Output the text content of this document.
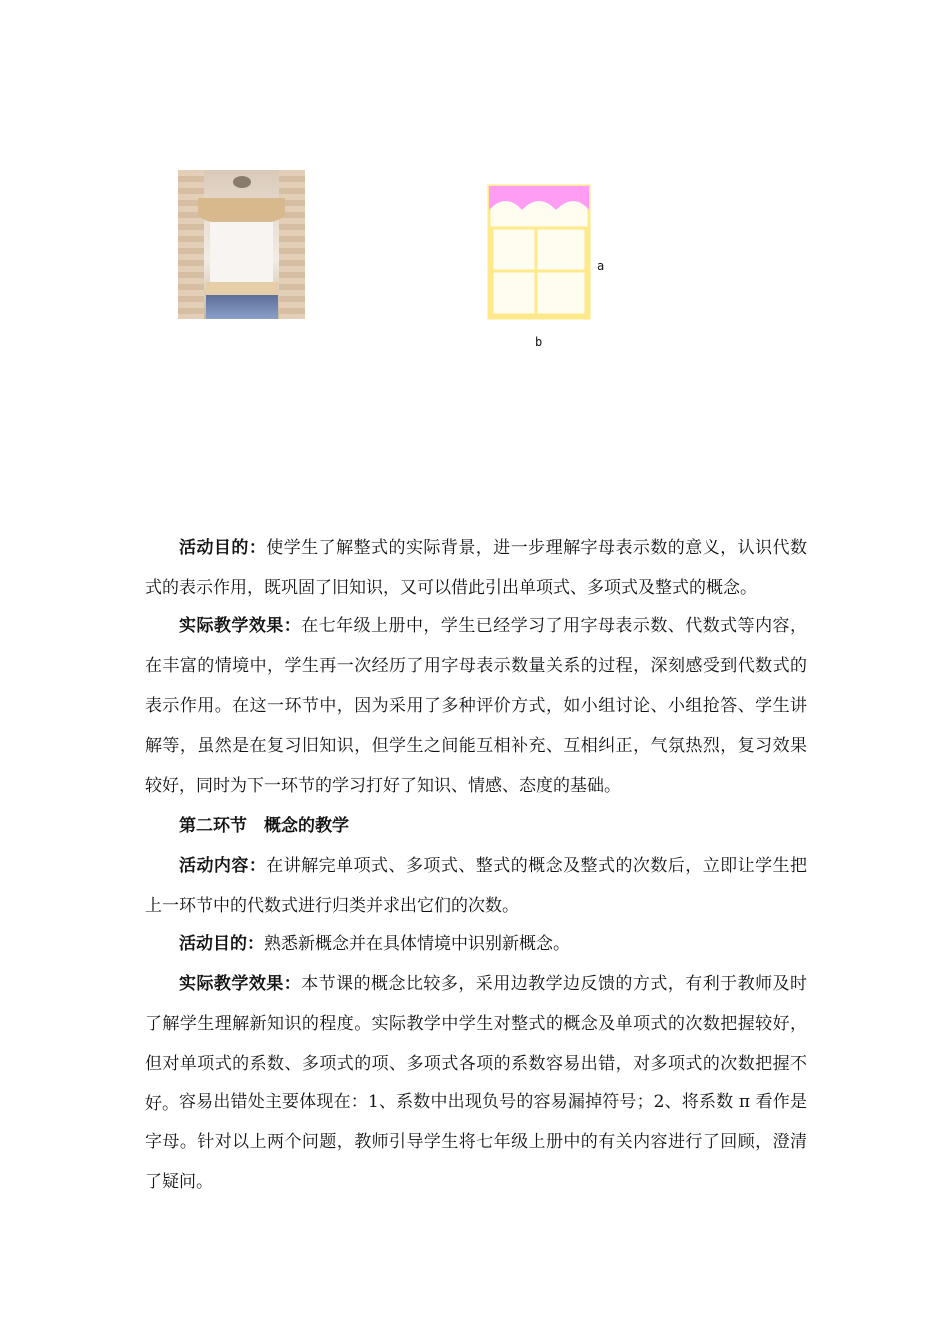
a
b

活动目的：使学生了解整式的实际背景，进一步理解字母表示数的意义，认识代数式的表示作用，既巩固了旧知识，又可以借此引出单项式、多项式及整式的概念。

实际教学效果：在七年级上册中，学生已经学习了用字母表示数、代数式等内容，在丰富的情境中，学生再一次经历了用字母表示数量关系的过程，深刻感受到代数式的表示作用。在这一环节中，因为采用了多种评价方式，如小组讨论、小组抢答、学生讲解等，虽然是在复习旧知识，但学生之间能互相补充、互相纠正，气氛热烈，复习效果较好，同时为下一环节的学习打好了知识、情感、态度的基础。

第二环节　概念的教学

活动内容：在讲解完单项式、多项式、整式的概念及整式的次数后，立即让学生把上一环节中的代数式进行归类并求出它们的次数。

活动目的：熟悉新概念并在具体情境中识别新概念。

实际教学效果：本节课的概念比较多，采用边教学边反馈的方式，有利于教师及时了解学生理解新知识的程度。实际教学中学生对整式的概念及单项式的次数把握较好，但对单项式的系数、多项式的项、多项式各项的系数容易出错，对多项式的次数把握不好。 容易出错处主要体现在：1、系数中出现负号的容易漏掉符号；2、将系数 π 看作是字母。针对以上两个问题，教师引导学生将七年级上册中的有关内容进行了回顾，澄清了疑问。
